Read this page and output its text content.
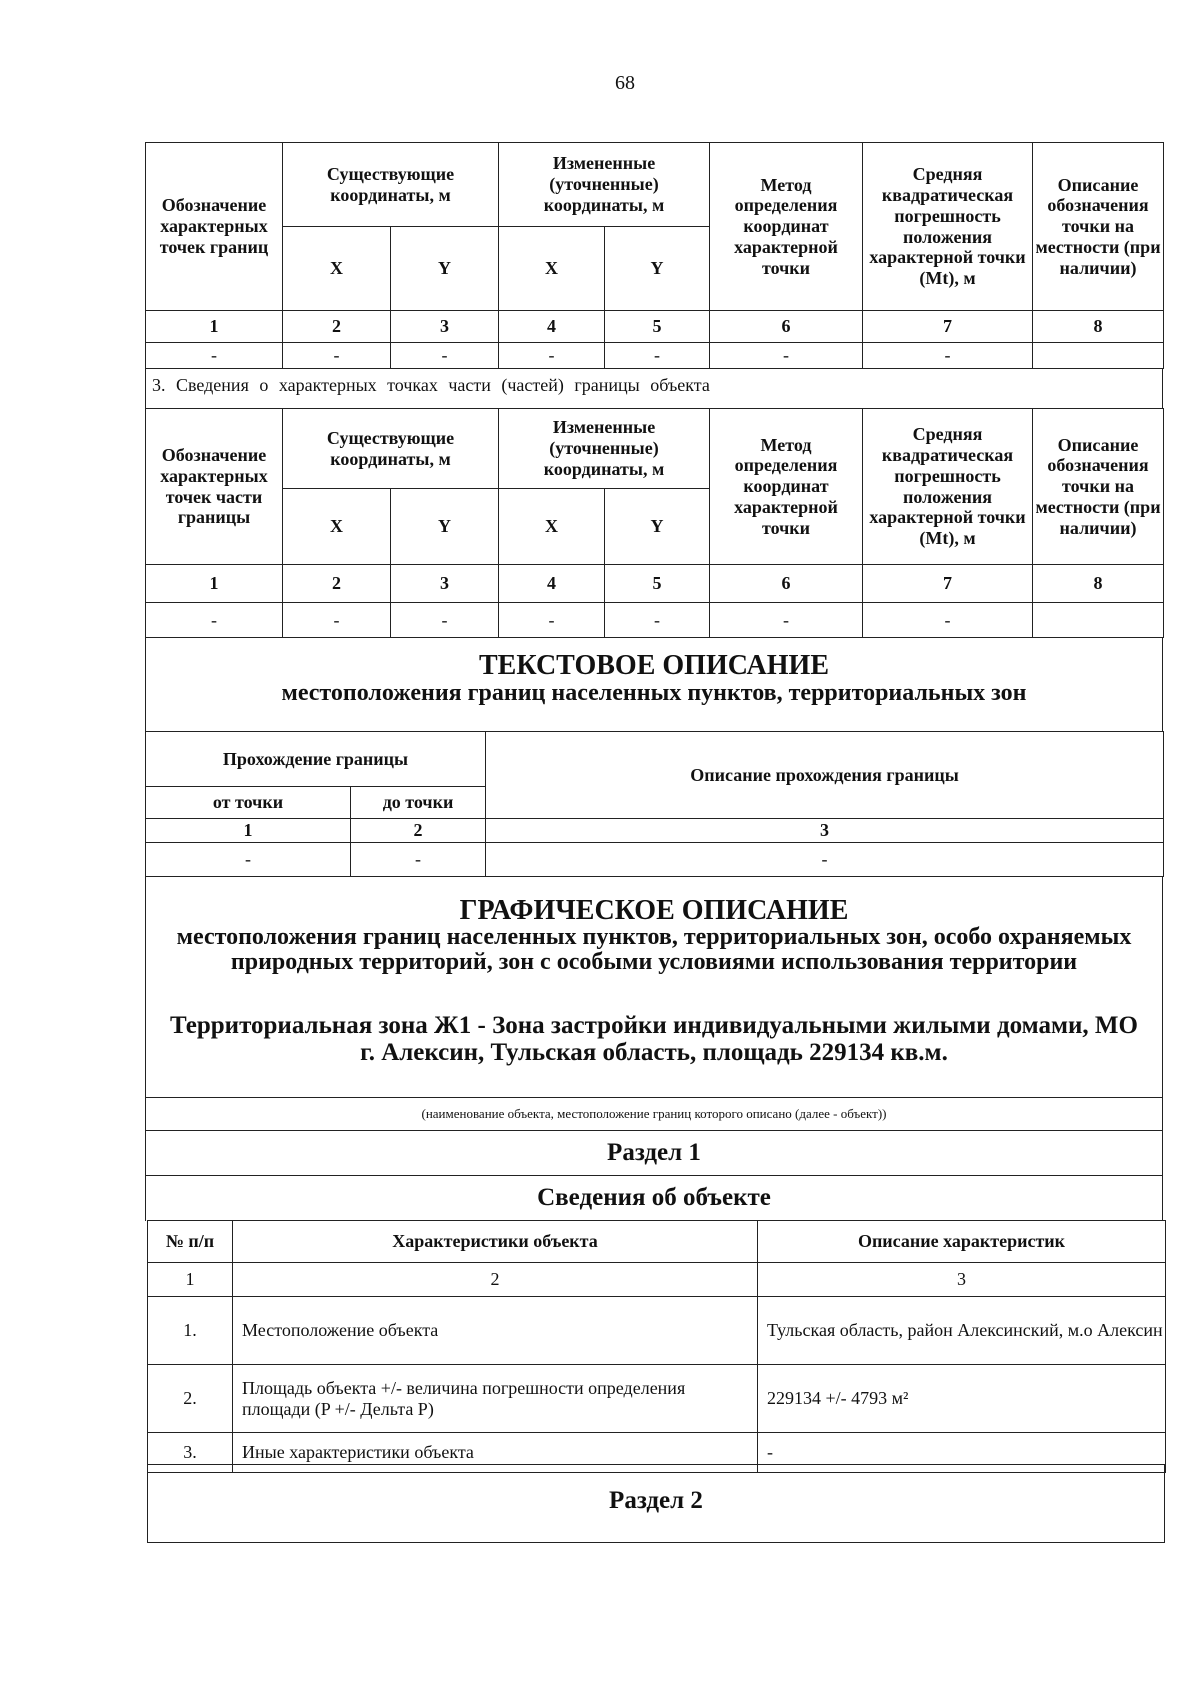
68
Обозначение характерных точек границ	Существующие координаты, м		Измененные (уточненные) координаты, м		Метод определения координат характерной точки	Средняя квадратическая погрешность положения характерной точки (Mt), м	Описание обозначения точки на местности (при наличии)
	X	Y	X	Y			
1	2	3	4	5	6	7	8
-	-	-	-	-	-	-	
3. Сведения о характерных точках части (частей) границы объекта
Обозначение характерных точек части границы	Существующие координаты, м		Измененные (уточненные) координаты, м		Метод определения координат характерной точки	Средняя квадратическая погрешность положения характерной точки (Mt), м	Описание обозначения точки на местности (при наличии)
	X	Y	X	Y			
1	2	3	4	5	6	7	8
-	-	-	-	-	-	-	
ТЕКСТОВОЕ ОПИСАНИЕ
местоположения границ населенных пунктов, территориальных зон
Прохождение границы		Описание прохождения границы
от точки	до точки	
1	2	3
-	-	-
ГРАФИЧЕСКОЕ ОПИСАНИЕ
местоположения границ населенных пунктов, территориальных зон, особо охраняемых природных территорий, зон с особыми условиями использования территории
Территориальная зона Ж1 - Зона застройки индивидуальными жилыми домами, МО г. Алексин, Тульская область, площадь 229134 кв.м.
(наименование объекта, местоположение границ которого описано (далее - объект))
Раздел 1
Сведения об объекте
№ п/п	Характеристики объекта	Описание характеристик
1	2	3
1.	Местоположение объекта	Тульская область, район Алексинский, м.о Алексин
2.	Площадь объекта +/- величина погрешности определения площади (P +/- Дельта P)	229134 +/- 4793 м²
3.	Иные характеристики объекта	-
Раздел 2
